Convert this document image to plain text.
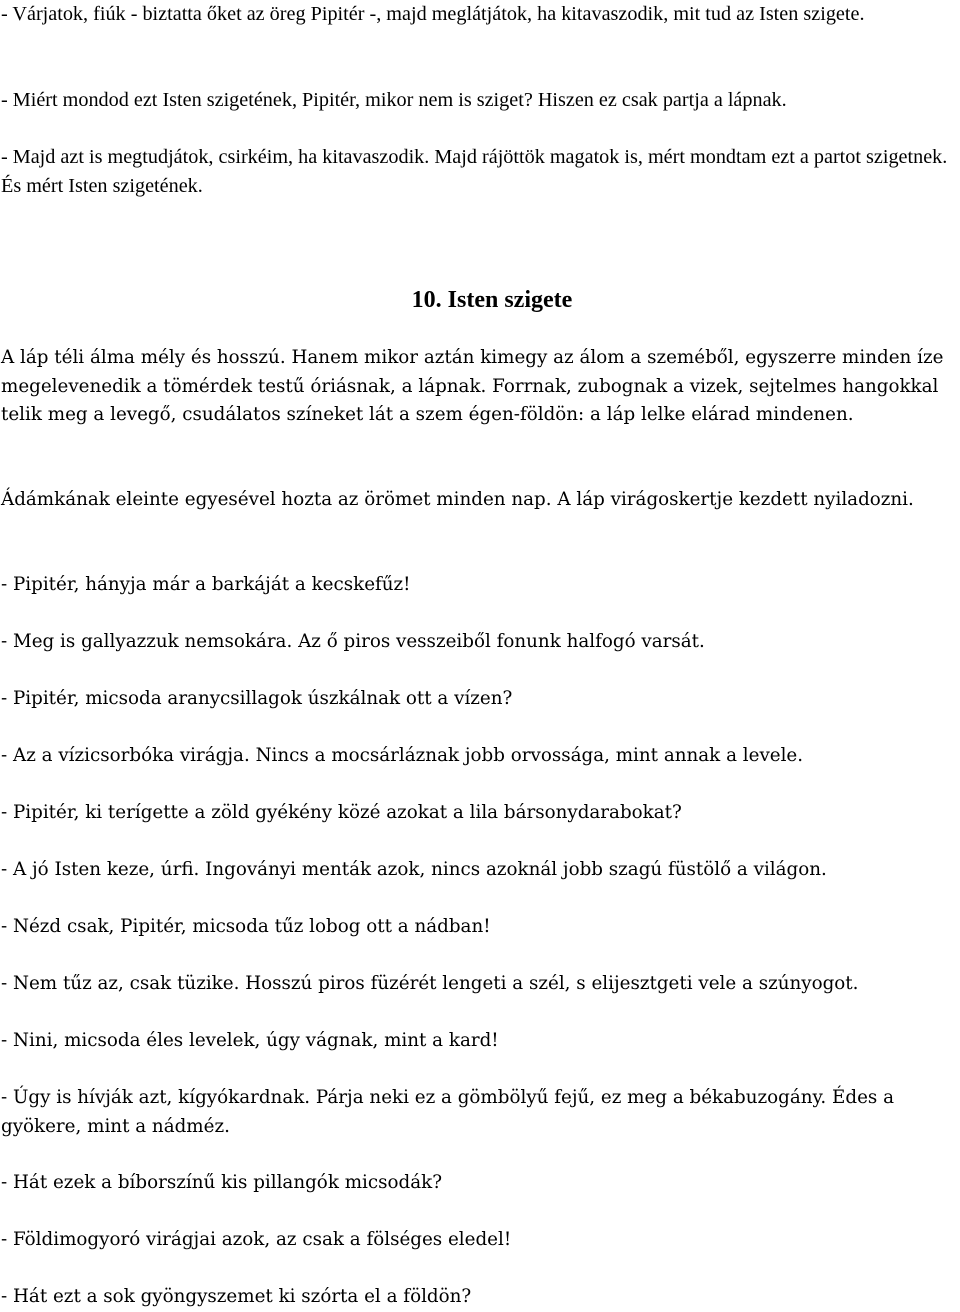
- Várjatok, fiúk - biztatta őket az öreg Pipitér -, majd meglátjátok, ha kitavaszodik, mit tud az Isten szigete.

- Miért mondod ezt Isten szigetének, Pipitér, mikor nem is sziget? Hiszen ez csak partja a lápnak.

- Majd azt is megtudjátok, csirkéim, ha kitavaszodik. Majd rájöttök magatok is, mért mondtam ezt a partot szigetnek. És mért Isten szigetének.

10. Isten szigete

A láp téli álma mély és hosszú. Hanem mikor aztán kimegy az álom a szeméből, egyszerre minden íze megelevenedik a tömérdek testű óriásnak, a lápnak. Forrnak, zubognak a vizek, sejtelmes hangokkal telik meg a levegő, csudálatos színeket lát a szem égen-földön: a láp lelke elárad mindenen.

Ádámkának eleinte egyesével hozta az örömet minden nap. A láp virágoskertje kezdett nyiladozni.

- Pipitér, hányja már a barkáját a kecskefűz!

- Meg is gallyazzuk nemsokára. Az ő piros vesszeiből fonunk halfogó varsát.

- Pipitér, micsoda aranycsillagok úszkálnak ott a vízen?

- Az a vízicsorbóka virágja. Nincs a mocsárláznak jobb orvossága, mint annak a levele.

- Pipitér, ki terígette a zöld gyékény közé azokat a lila bársonydarabokat?

- A jó Isten keze, úrfi. Ingoványi menták azok, nincs azoknál jobb szagú füstölő a világon.

- Nézd csak, Pipitér, micsoda tűz lobog ott a nádban!

- Nem tűz az, csak tüzike. Hosszú piros füzérét lengeti a szél, s elijesztgeti vele a szúnyogot.

- Nini, micsoda éles levelek, úgy vágnak, mint a kard!

- Úgy is hívják azt, kígyókardnak. Párja neki ez a gömbölyű fejű, ez meg a békabuzogány. Édes a gyökere, mint a nádméz.

- Hát ezek a bíborszínű kis pillangók micsodák?

- Földimogyoró virágjai azok, az csak a fölséges eledel!

- Hát ezt a sok gyöngyszemet ki szórta el a földön?
